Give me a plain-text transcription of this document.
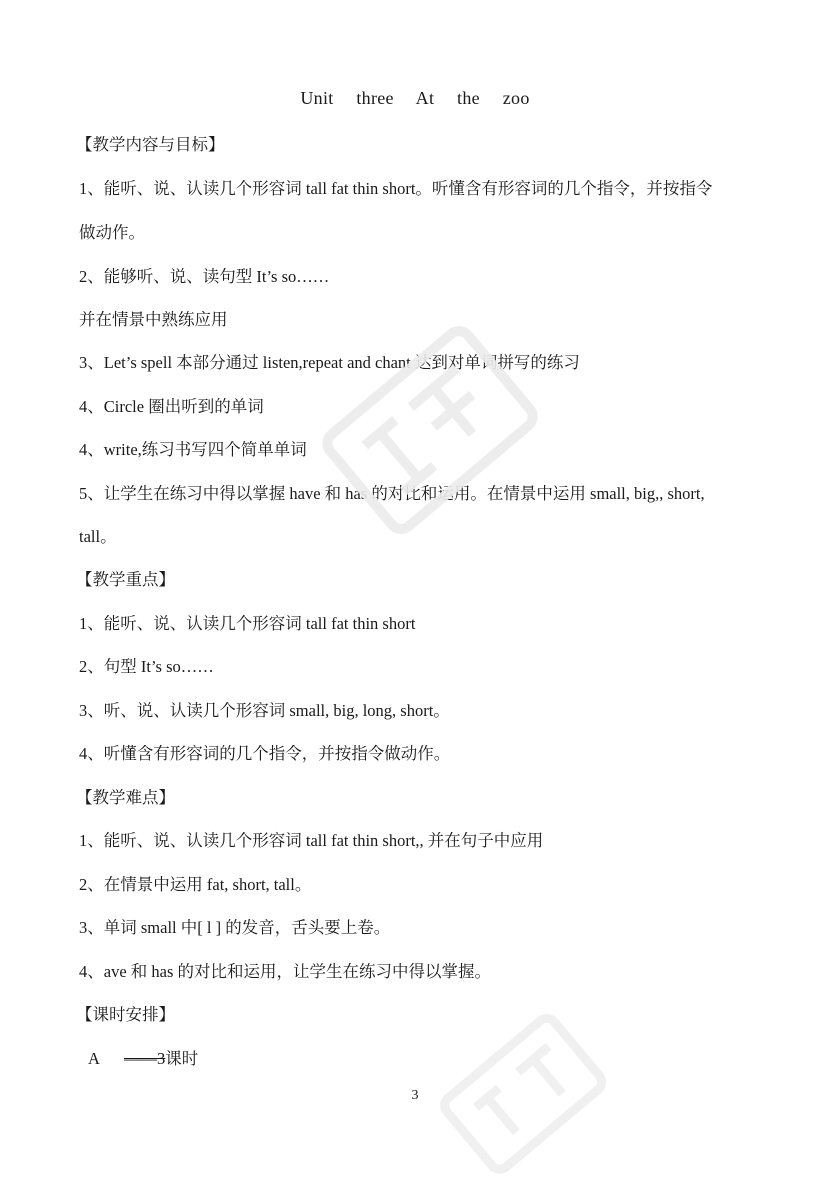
Unit three At the zoo
【教学内容与目标】
1、能听、说、认读几个形容词 tall fat thin short。听懂含有形容词的几个指令，并按指令
做动作。
2、能够听、说、读句型 It’s so……
并在情景中熟练应用
3、Let’s spell 本部分通过 listen,repeat and chant 达到对单词拼写的练习
4、Circle 圈出听到的单词
4、write,练习书写四个简单单词
5、让学生在练习中得以掌握 have 和 has 的对比和运用。在情景中运用 small, big,, short,
tall。
【教学重点】
1、能听、说、认读几个形容词 tall fat thin short
2、句型 It’s so……
3、听、说、认读几个形容词 small, big, long, short。
4、听懂含有形容词的几个指令，并按指令做动作。
【教学难点】
1、能听、说、认读几个形容词 tall fat thin short,, 并在句子中应用
2、在情景中运用 fat, short, tall。
3、单词 small 中[ l ] 的发音，舌头要上卷。
4、ave 和 has 的对比和运用，让学生在练习中得以掌握。
【课时安排】
A ——3课时
3
